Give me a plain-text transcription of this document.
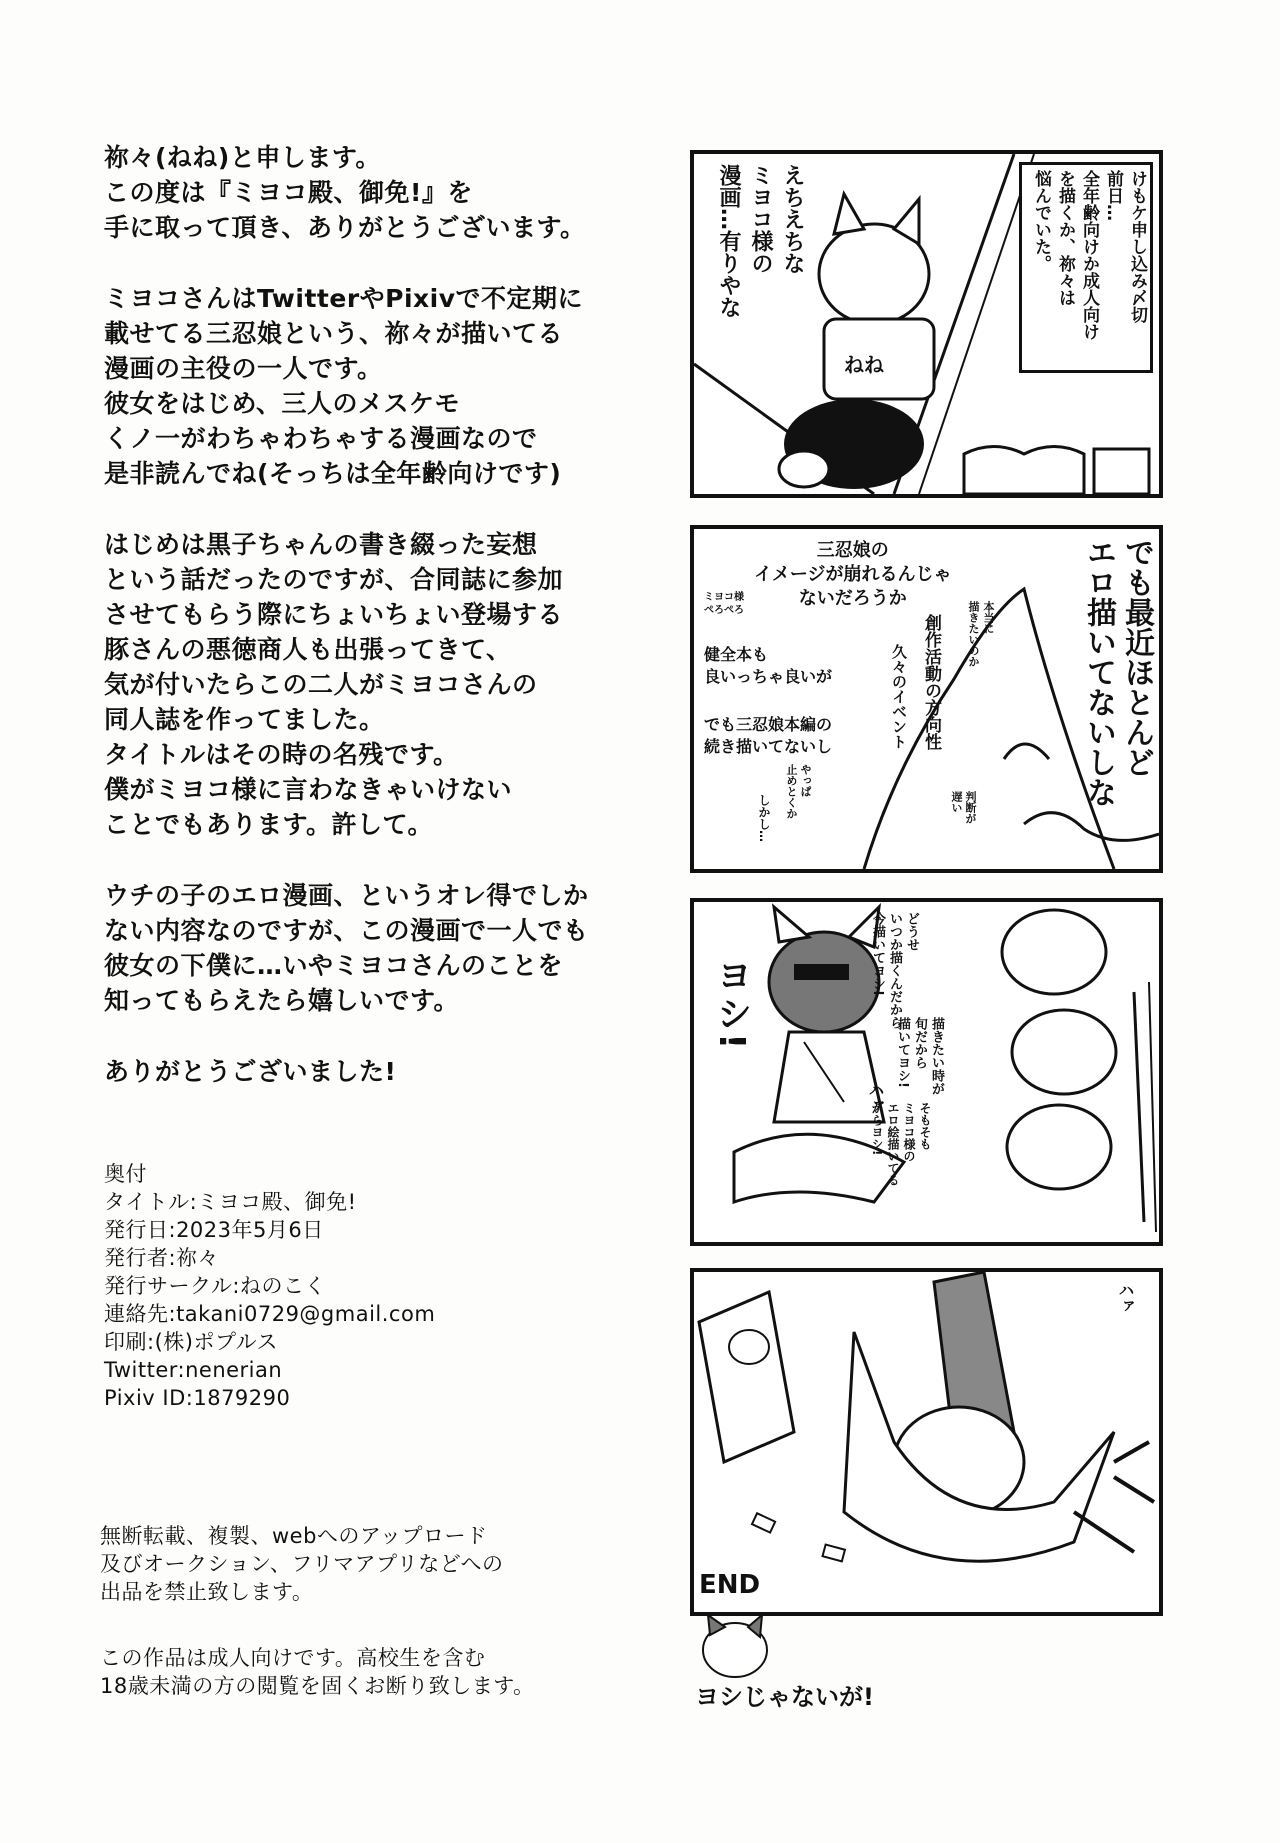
祢々(ねね)と申します。
この度は『ミヨコ殿、御免!』を
手に取って頂き、ありがとうございます。
ミヨコさんはTwitterやPixivで不定期に
載せてる三忍娘という、祢々が描いてる
漫画の主役の一人です。
彼女をはじめ、三人のメスケモ
くノ一がわちゃわちゃする漫画なので
是非読んでね(そっちは全年齢向けです)
はじめは黒子ちゃんの書き綴った妄想
という話だったのですが、合同誌に参加
させてもらう際にちょいちょい登場する
豚さんの悪徳商人も出張ってきて、
気が付いたらこの二人がミヨコさんの
同人誌を作ってました。
タイトルはその時の名残です。
僕がミヨコ様に言わなきゃいけない
ことでもあります。許して。
ウチの子のエロ漫画、というオレ得でしか
ない内容なのですが、この漫画で一人でも
彼女の下僕に…いやミヨコさんのことを
知ってもらえたら嬉しいです。
ありがとうございました!
奥付
タイトル:ミヨコ殿、御免!
発行日:2023年5月6日
発行者:祢々
発行サークル:ねのこく
連絡先:takani0729@gmail.com
印刷:(株)ポプルス
Twitter:nenerian
Pixiv ID:1879290
無断転載、複製、webへのアップロード
及びオークション、フリマアプリなどへの
出品を禁止致します。
この作品は成人向けです。高校生を含む
18歳未満の方の閲覧を固くお断り致します。
けもケ申し込み〆切
前日…
全年齢向けか成人向け
を描くか、祢々は
悩んでいた。
えちえちな
ミヨコ様の
漫画…有りやな
ねね
でも最近ほとんど
エロ描いてないしな
三忍娘の
イメージが崩れるんじゃ
ないだろうか
ミヨコ様
ぺろぺろ
健全本も
良いっちゃ良いが
でも三忍娘本編の
続き描いてないし
本当に
描きたいのか
創作活動の方向性
久々のイベント
やっぱ
止めとくか
しかし…	判断が
遅い
ヨシ!
どうせ
いつか描くんだから
今描いてヨシ!
描きたい時が
旬だから
描いてヨシ!
そもそも
ミヨコ様の
エロ絵描いてる
からヨシ!
ハァ
END
ハァ
ヨシじゃないが!
